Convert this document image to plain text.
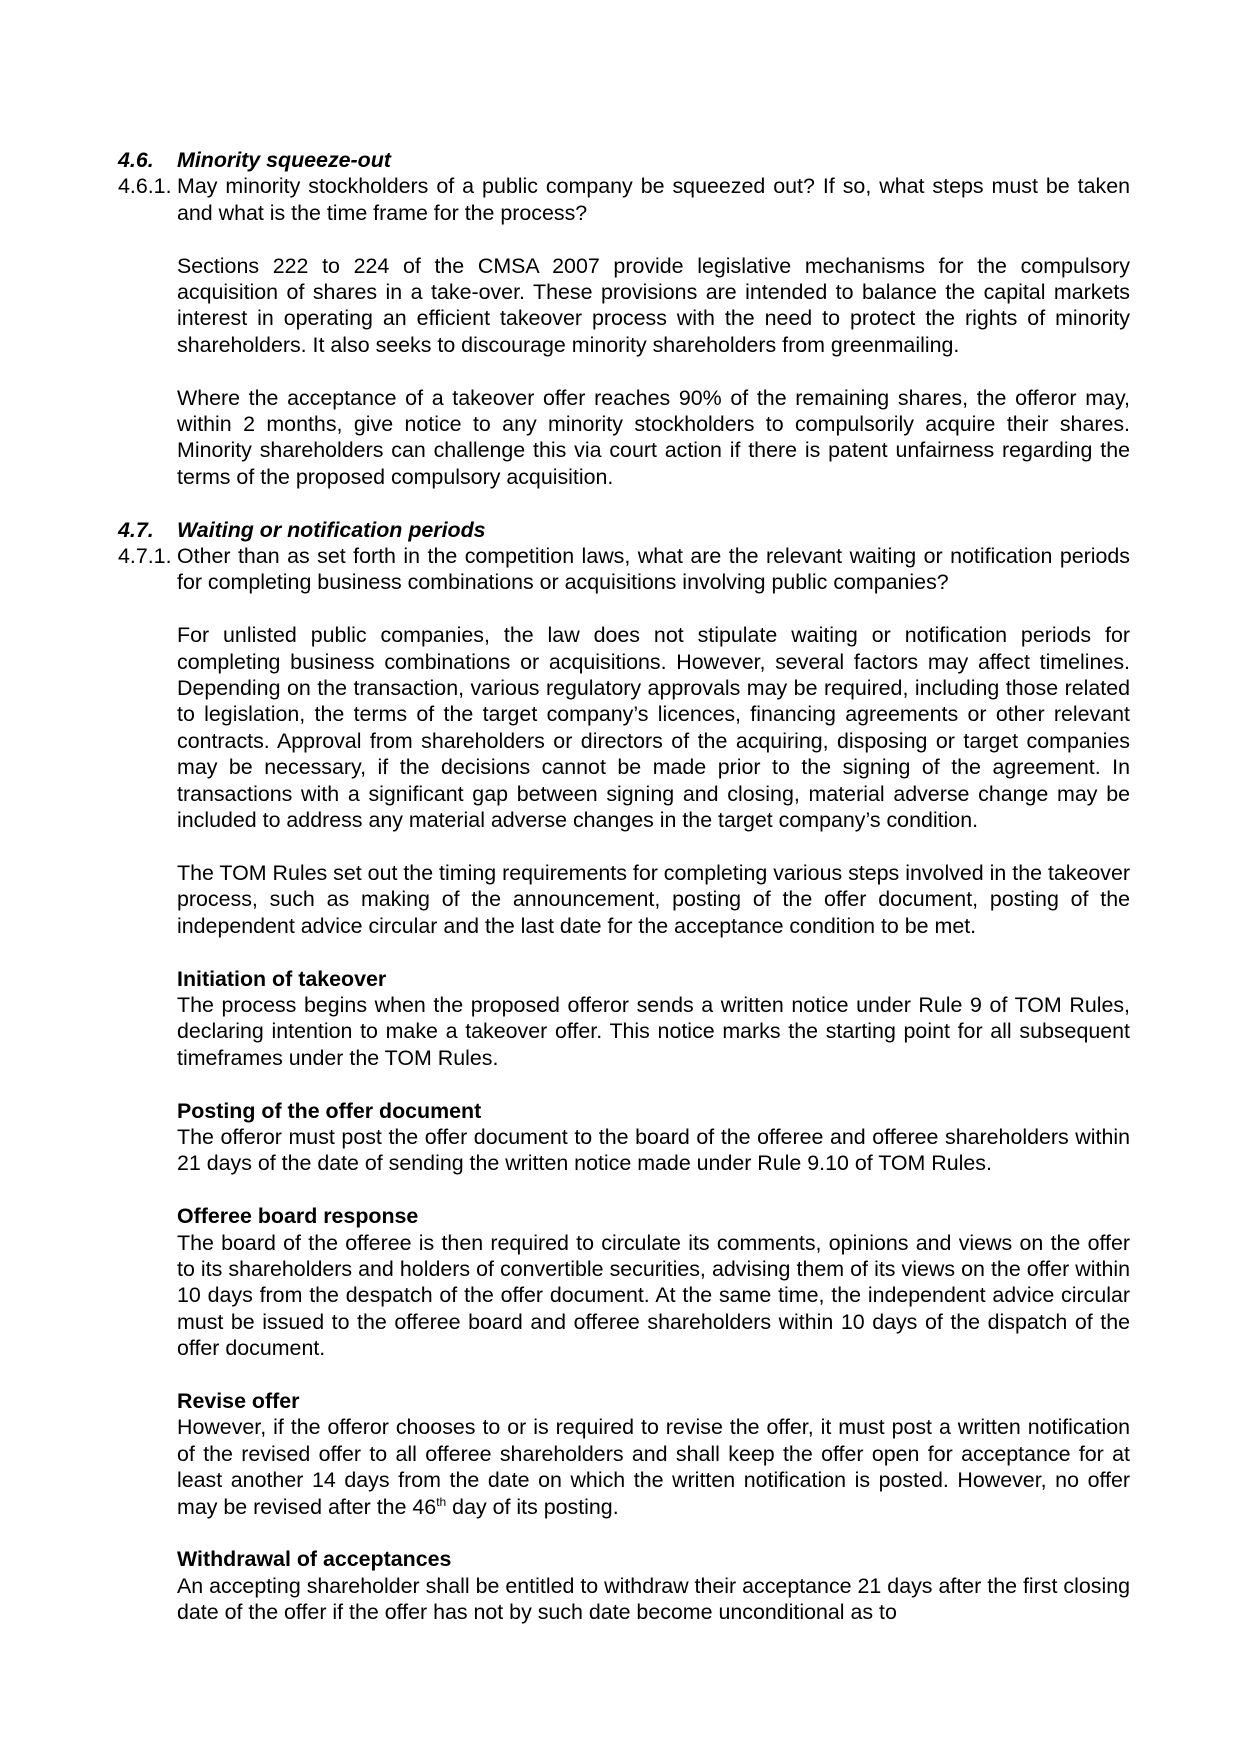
4.6.	Minority squeeze-out
4.6.1. May minority stockholders of a public company be squeezed out? If so, what steps must be taken and what is the time frame for the process?

Sections 222 to 224 of the CMSA 2007 provide legislative mechanisms for the compulsory acquisition of shares in a take-over. These provisions are intended to balance the capital markets interest in operating an efficient takeover process with the need to protect the rights of minority shareholders. It also seeks to discourage minority shareholders from greenmailing.

Where the acceptance of a takeover offer reaches 90% of the remaining shares, the offeror may, within 2 months, give notice to any minority stockholders to compulsorily acquire their shares. Minority shareholders can challenge this via court action if there is patent unfairness regarding the terms of the proposed compulsory acquisition.

4.7.	Waiting or notification periods
4.7.1. Other than as set forth in the competition laws, what are the relevant waiting or notification periods for completing business combinations or acquisitions involving public companies?

For unlisted public companies, the law does not stipulate waiting or notification periods for completing business combinations or acquisitions. However, several factors may affect timelines. Depending on the transaction, various regulatory approvals may be required, including those related to legislation, the terms of the target company’s licences, financing agreements or other relevant contracts. Approval from shareholders or directors of the acquiring, disposing or target companies may be necessary, if the decisions cannot be made prior to the signing of the agreement. In transactions with a significant gap between signing and closing, material adverse change may be included to address any material adverse changes in the target company’s condition.

The TOM Rules set out the timing requirements for completing various steps involved in the takeover process, such as making of the announcement, posting of the offer document, posting of the independent advice circular and the last date for the acceptance condition to be met.

Initiation of takeover

The process begins when the proposed offeror sends a written notice under Rule 9 of TOM Rules, declaring intention to make a takeover offer. This notice marks the starting point for all subsequent timeframes under the TOM Rules.

Posting of the offer document

The offeror must post the offer document to the board of the offeree and offeree shareholders within 21 days of the date of sending the written notice made under Rule 9.10 of TOM Rules.

Offeree board response

The board of the offeree is then required to circulate its comments, opinions and views on the offer to its shareholders and holders of convertible securities, advising them of its views on the offer within 10 days from the despatch of the offer document. At the same time, the independent advice circular must be issued to the offeree board and offeree shareholders within 10 days of the dispatch of the offer document.

Revise offer

However, if the offeror chooses to or is required to revise the offer, it must post a written notification of the revised offer to all offeree shareholders and shall keep the offer open for acceptance for at least another 14 days from the date on which the written notification is posted. However, no offer may be revised after the 46th day of its posting.

Withdrawal of acceptances

An accepting shareholder shall be entitled to withdraw their acceptance 21 days after the first closing date of the offer if the offer has not by such date become unconditional as to
